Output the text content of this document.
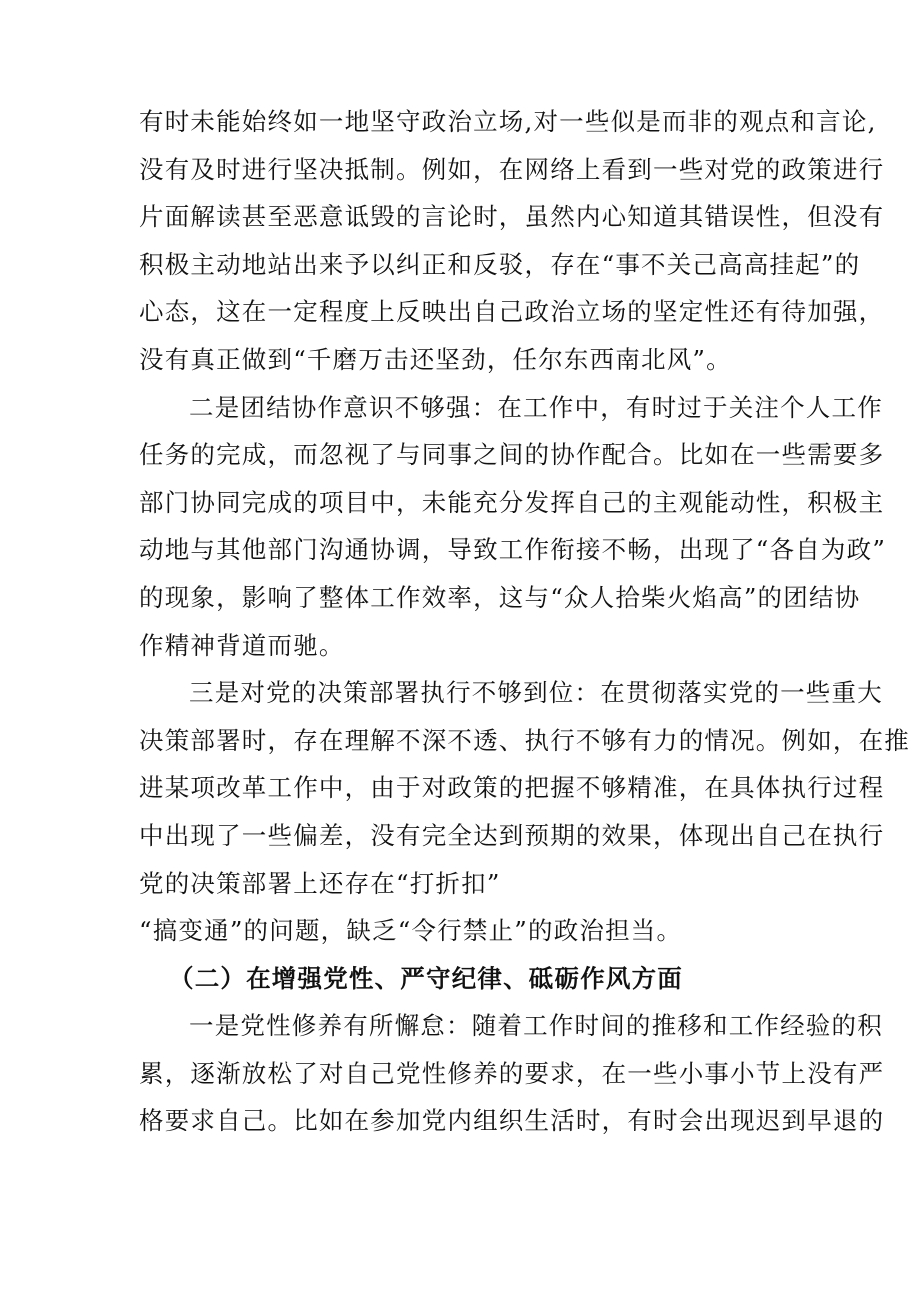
有时未能始终如一地坚守政治立场,对一些似是而非的观点和言论,
没有及时进行坚决抵制。例如，在网络上看到一些对党的政策进行
片面解读甚至恶意诋毁的言论时，虽然内心知道其错误性，但没有
积极主动地站出来予以纠正和反驳，存在“事不关己高高挂起”的
心态，这在一定程度上反映出自己政治立场的坚定性还有待加强，
没有真正做到“千磨万击还坚劲，任尔东西南北风”。
二是团结协作意识不够强：在工作中，有时过于关注个人工作
任务的完成，而忽视了与同事之间的协作配合。比如在一些需要多
部门协同完成的项目中，未能充分发挥自己的主观能动性，积极主
动地与其他部门沟通协调，导致工作衔接不畅，出现了“各自为政”
的现象，影响了整体工作效率，这与“众人拾柴火焰高”的团结协
作精神背道而驰。
三是对党的决策部署执行不够到位：在贯彻落实党的一些重大
决策部署时，存在理解不深不透、执行不够有力的情况。例如，在推
进某项改革工作中，由于对政策的把握不够精准，在具体执行过程
中出现了一些偏差，没有完全达到预期的效果，体现出自己在执行
党的决策部署上还存在“打折扣”
“搞变通”的问题，缺乏“令行禁止”的政治担当。
（二）在增强党性、严守纪律、砥砺作风方面
一是党性修养有所懈怠：随着工作时间的推移和工作经验的积
累，逐渐放松了对自己党性修养的要求，在一些小事小节上没有严
格要求自己。比如在参加党内组织生活时，有时会出现迟到早退的
